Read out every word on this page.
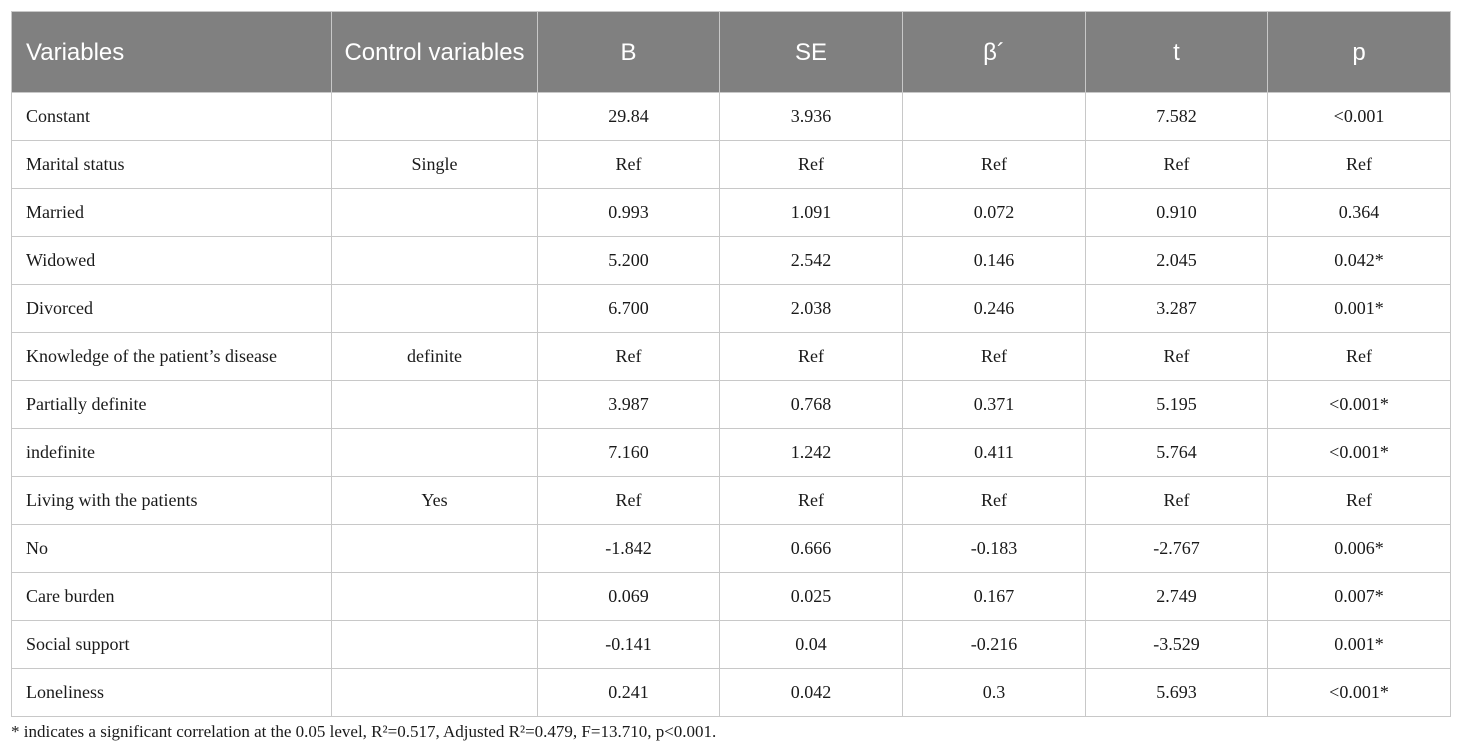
Variables	Control variables	B	SE	β´	t	p
Constant		29.84	3.936		7.582	<0.001
Marital status	Single	Ref	Ref	Ref	Ref	Ref
Married		0.993	1.091	0.072	0.910	0.364
Widowed		5.200	2.542	0.146	2.045	0.042*
Divorced		6.700	2.038	0.246	3.287	0.001*
Knowledge of the patient’s disease	definite	Ref	Ref	Ref	Ref	Ref
Partially definite		3.987	0.768	0.371	5.195	<0.001*
indefinite		7.160	1.242	0.411	5.764	<0.001*
Living with the patients	Yes	Ref	Ref	Ref	Ref	Ref
No		-1.842	0.666	-0.183	-2.767	0.006*
Care burden		0.069	0.025	0.167	2.749	0.007*
Social support		-0.141	0.04	-0.216	-3.529	0.001*
Loneliness		0.241	0.042	0.3	5.693	<0.001*
* indicates a significant correlation at the 0.05 level, R²=0.517, Adjusted R²=0.479, F=13.710, p<0.001.
